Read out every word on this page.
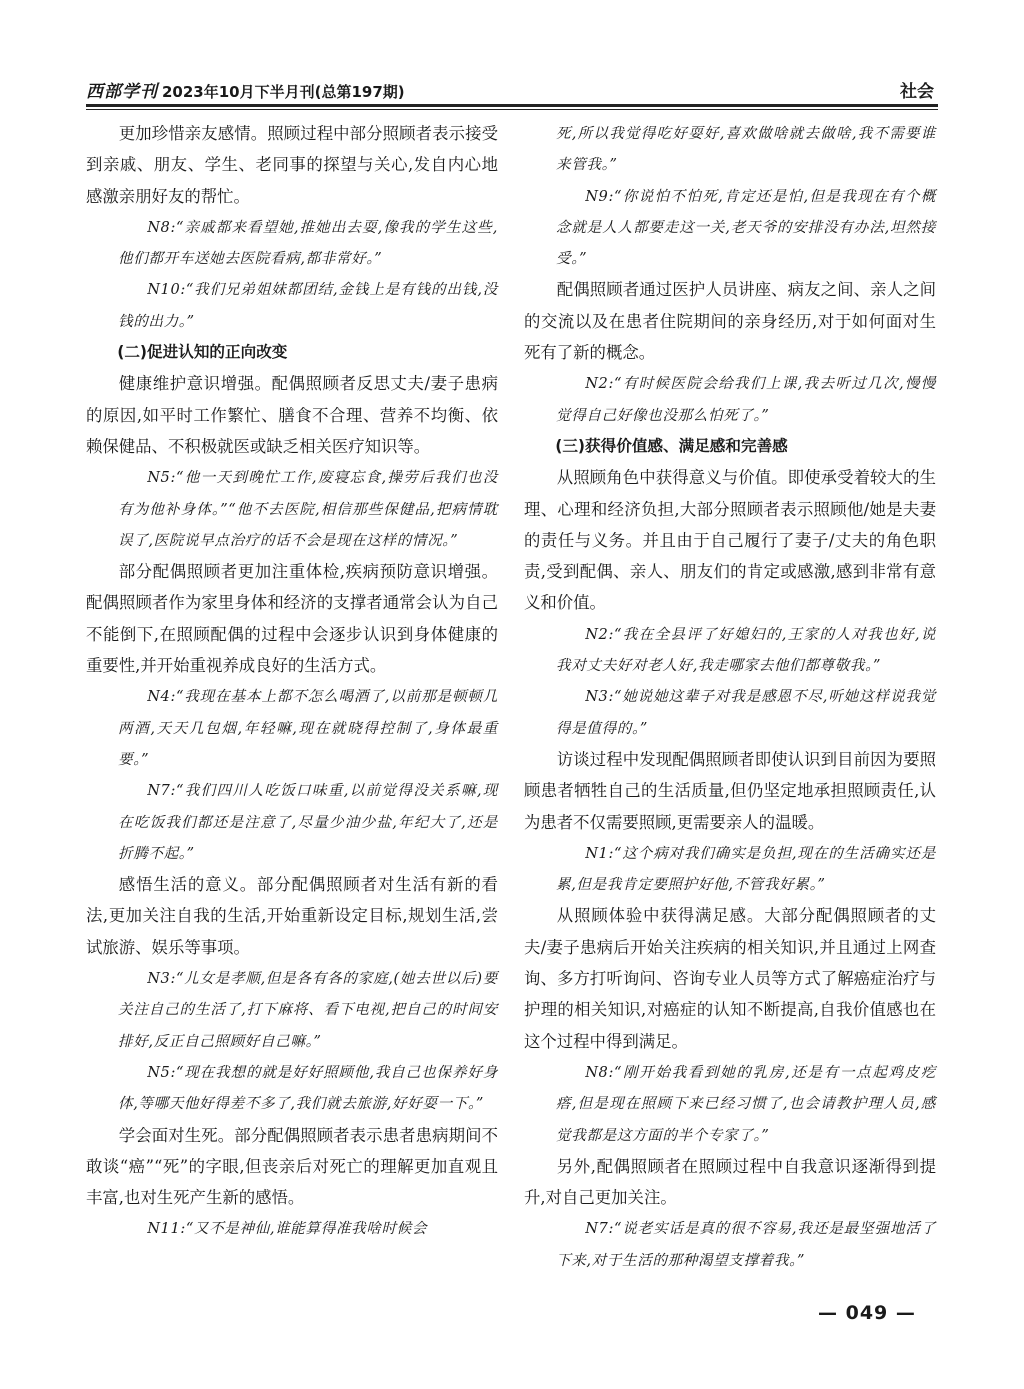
西部学刊 2023年10月下半月刊(总第197期)	社会

更加珍惜亲友感情。照顾过程中部分照顾者表示接受到亲戚、朋友、学生、老同事的探望与关心,发自内心地感激亲朋好友的帮忙。

N8:“亲戚都来看望她,推她出去耍,像我的学生这些,他们都开车送她去医院看病,都非常好。”

N10:“我们兄弟姐妹都团结,金钱上是有钱的出钱,没钱的出力。”

(二)促进认知的正向改变

健康维护意识增强。配偶照顾者反思丈夫/妻子患病的原因,如平时工作繁忙、膳食不合理、营养不均衡、依赖保健品、不积极就医或缺乏相关医疗知识等。

N5:“他一天到晚忙工作,废寝忘食,操劳后我们也没有为他补身体。”“他不去医院,相信那些保健品,把病情耽误了,医院说早点治疗的话不会是现在这样的情况。”

部分配偶照顾者更加注重体检,疾病预防意识增强。配偶照顾者作为家里身体和经济的支撑者通常会认为自己不能倒下,在照顾配偶的过程中会逐步认识到身体健康的重要性,并开始重视养成良好的生活方式。

N4:“我现在基本上都不怎么喝酒了,以前那是顿顿几两酒,天天几包烟,年轻嘛,现在就晓得控制了,身体最重要。”

N7:“我们四川人吃饭口味重,以前觉得没关系嘛,现在吃饭我们都还是注意了,尽量少油少盐,年纪大了,还是折腾不起。”

感悟生活的意义。部分配偶照顾者对生活有新的看法,更加关注自我的生活,开始重新设定目标,规划生活,尝试旅游、娱乐等事项。

N3:“儿女是孝顺,但是各有各的家庭,(她去世以后)要关注自己的生活了,打下麻将、看下电视,把自己的时间安排好,反正自己照顾好自己嘛。”

N5:“现在我想的就是好好照顾他,我自己也保养好身体,等哪天他好得差不多了,我们就去旅游,好好耍一下。”

学会面对生死。部分配偶照顾者表示患者患病期间不敢谈“癌”“死”的字眼,但丧亲后对死亡的理解更加直观且丰富,也对生死产生新的感悟。

N11:“又不是神仙,谁能算得准我啥时候会

死,所以我觉得吃好耍好,喜欢做啥就去做啥,我不需要谁来管我。”

N9:“你说怕不怕死,肯定还是怕,但是我现在有个概念就是人人都要走这一关,老天爷的安排没有办法,坦然接受。”

配偶照顾者通过医护人员讲座、病友之间、亲人之间的交流以及在患者住院期间的亲身经历,对于如何面对生死有了新的概念。

N2:“有时候医院会给我们上课,我去听过几次,慢慢觉得自己好像也没那么怕死了。”

(三)获得价值感、满足感和完善感

从照顾角色中获得意义与价值。即使承受着较大的生理、心理和经济负担,大部分照顾者表示照顾他/她是夫妻的责任与义务。并且由于自己履行了妻子/丈夫的角色职责,受到配偶、亲人、朋友们的肯定或感激,感到非常有意义和价值。

N2:“我在全县评了好媳妇的,王家的人对我也好,说我对丈夫好对老人好,我走哪家去他们都尊敬我。”

N3:“她说她这辈子对我是感恩不尽,听她这样说我觉得是值得的。”

访谈过程中发现配偶照顾者即使认识到目前因为要照顾患者牺牲自己的生活质量,但仍坚定地承担照顾责任,认为患者不仅需要照顾,更需要亲人的温暖。

N1:“这个病对我们确实是负担,现在的生活确实还是累,但是我肯定要照护好他,不管我好累。”

从照顾体验中获得满足感。大部分配偶照顾者的丈夫/妻子患病后开始关注疾病的相关知识,并且通过上网查询、多方打听询问、咨询专业人员等方式了解癌症治疗与护理的相关知识,对癌症的认知不断提高,自我价值感也在这个过程中得到满足。

N8:“刚开始我看到她的乳房,还是有一点起鸡皮疙瘩,但是现在照顾下来已经习惯了,也会请教护理人员,感觉我都是这方面的半个专家了。”

另外,配偶照顾者在照顾过程中自我意识逐渐得到提升,对自己更加关注。

N7:“说老实话是真的很不容易,我还是最坚强地活了下来,对于生活的那种渴望支撑着我。”

— 049 —
